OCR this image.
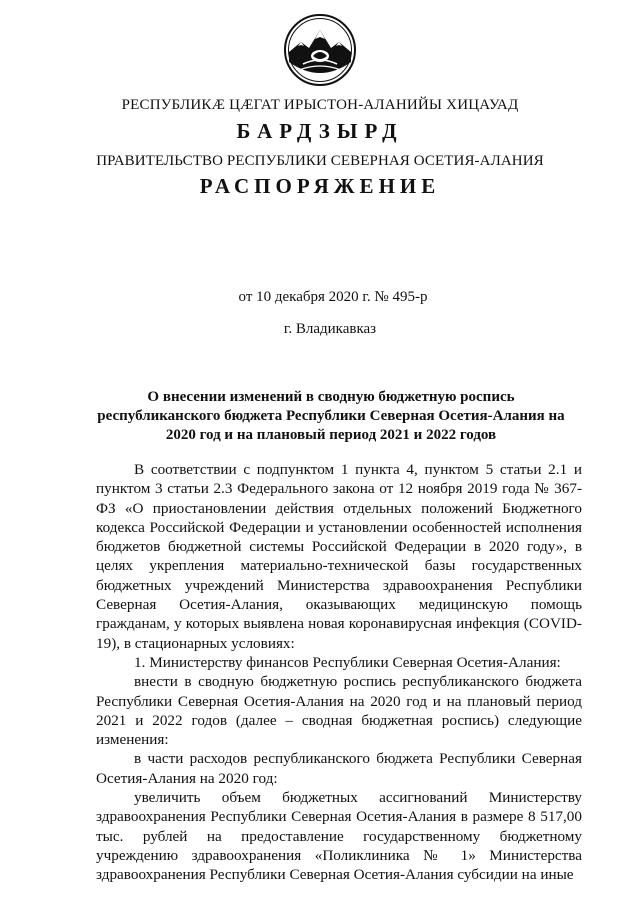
РЕСПУБЛИКÆ ЦÆГАТ ИРЫСТОН-АЛАНИЙЫ ХИЦАУАД
БАРДЗЫРД
ПРАВИТЕЛЬСТВО РЕСПУБЛИКИ СЕВЕРНАЯ ОСЕТИЯ-АЛАНИЯ
РАСПОРЯЖЕНИЕ
от 10 декабря 2020 г. № 495-р
г. Владикавказ
О внесении изменений в сводную бюджетную роспись республиканского бюджета Республики Северная Осетия-Алания на 2020 год и на плановый период 2021 и 2022 годов

В соответствии с подпунктом 1 пункта 4, пунктом 5 статьи 2.1 и пунктом 3 статьи 2.3 Федерального закона от 12 ноября 2019 года № 367-ФЗ «О приостановлении действия отдельных положений Бюджетного кодекса Российской Федерации и установлении особенностей исполнения бюджетов бюджетной системы Российской Федерации в 2020 году», в целях укрепления материально-технической базы государственных бюджетных учреждений Министерства здравоохранения Республики Северная Осетия-Алания, оказывающих медицинскую помощь гражданам, у которых выявлена новая коронавирусная инфекция (COVID-19), в стационарных условиях:

1. Министерству финансов Республики Северная Осетия-Алания:

внести в сводную бюджетную роспись республиканского бюджета Республики Северная Осетия-Алания на 2020 год и на плановый период 2021 и 2022 годов (далее – сводная бюджетная роспись) следующие изменения:

в части расходов республиканского бюджета Республики Северная Осетия-Алания на 2020 год:

увеличить объем бюджетных ассигнований Министерству здравоохранения Республики Северная Осетия-Алания в размере 8 517,00 тыс. рублей на предоставление государственному бюджетному учреждению здравоохранения «Поликлиника № 1» Министерства здравоохранения Республики Северная Осетия-Алания субсидии на иные
